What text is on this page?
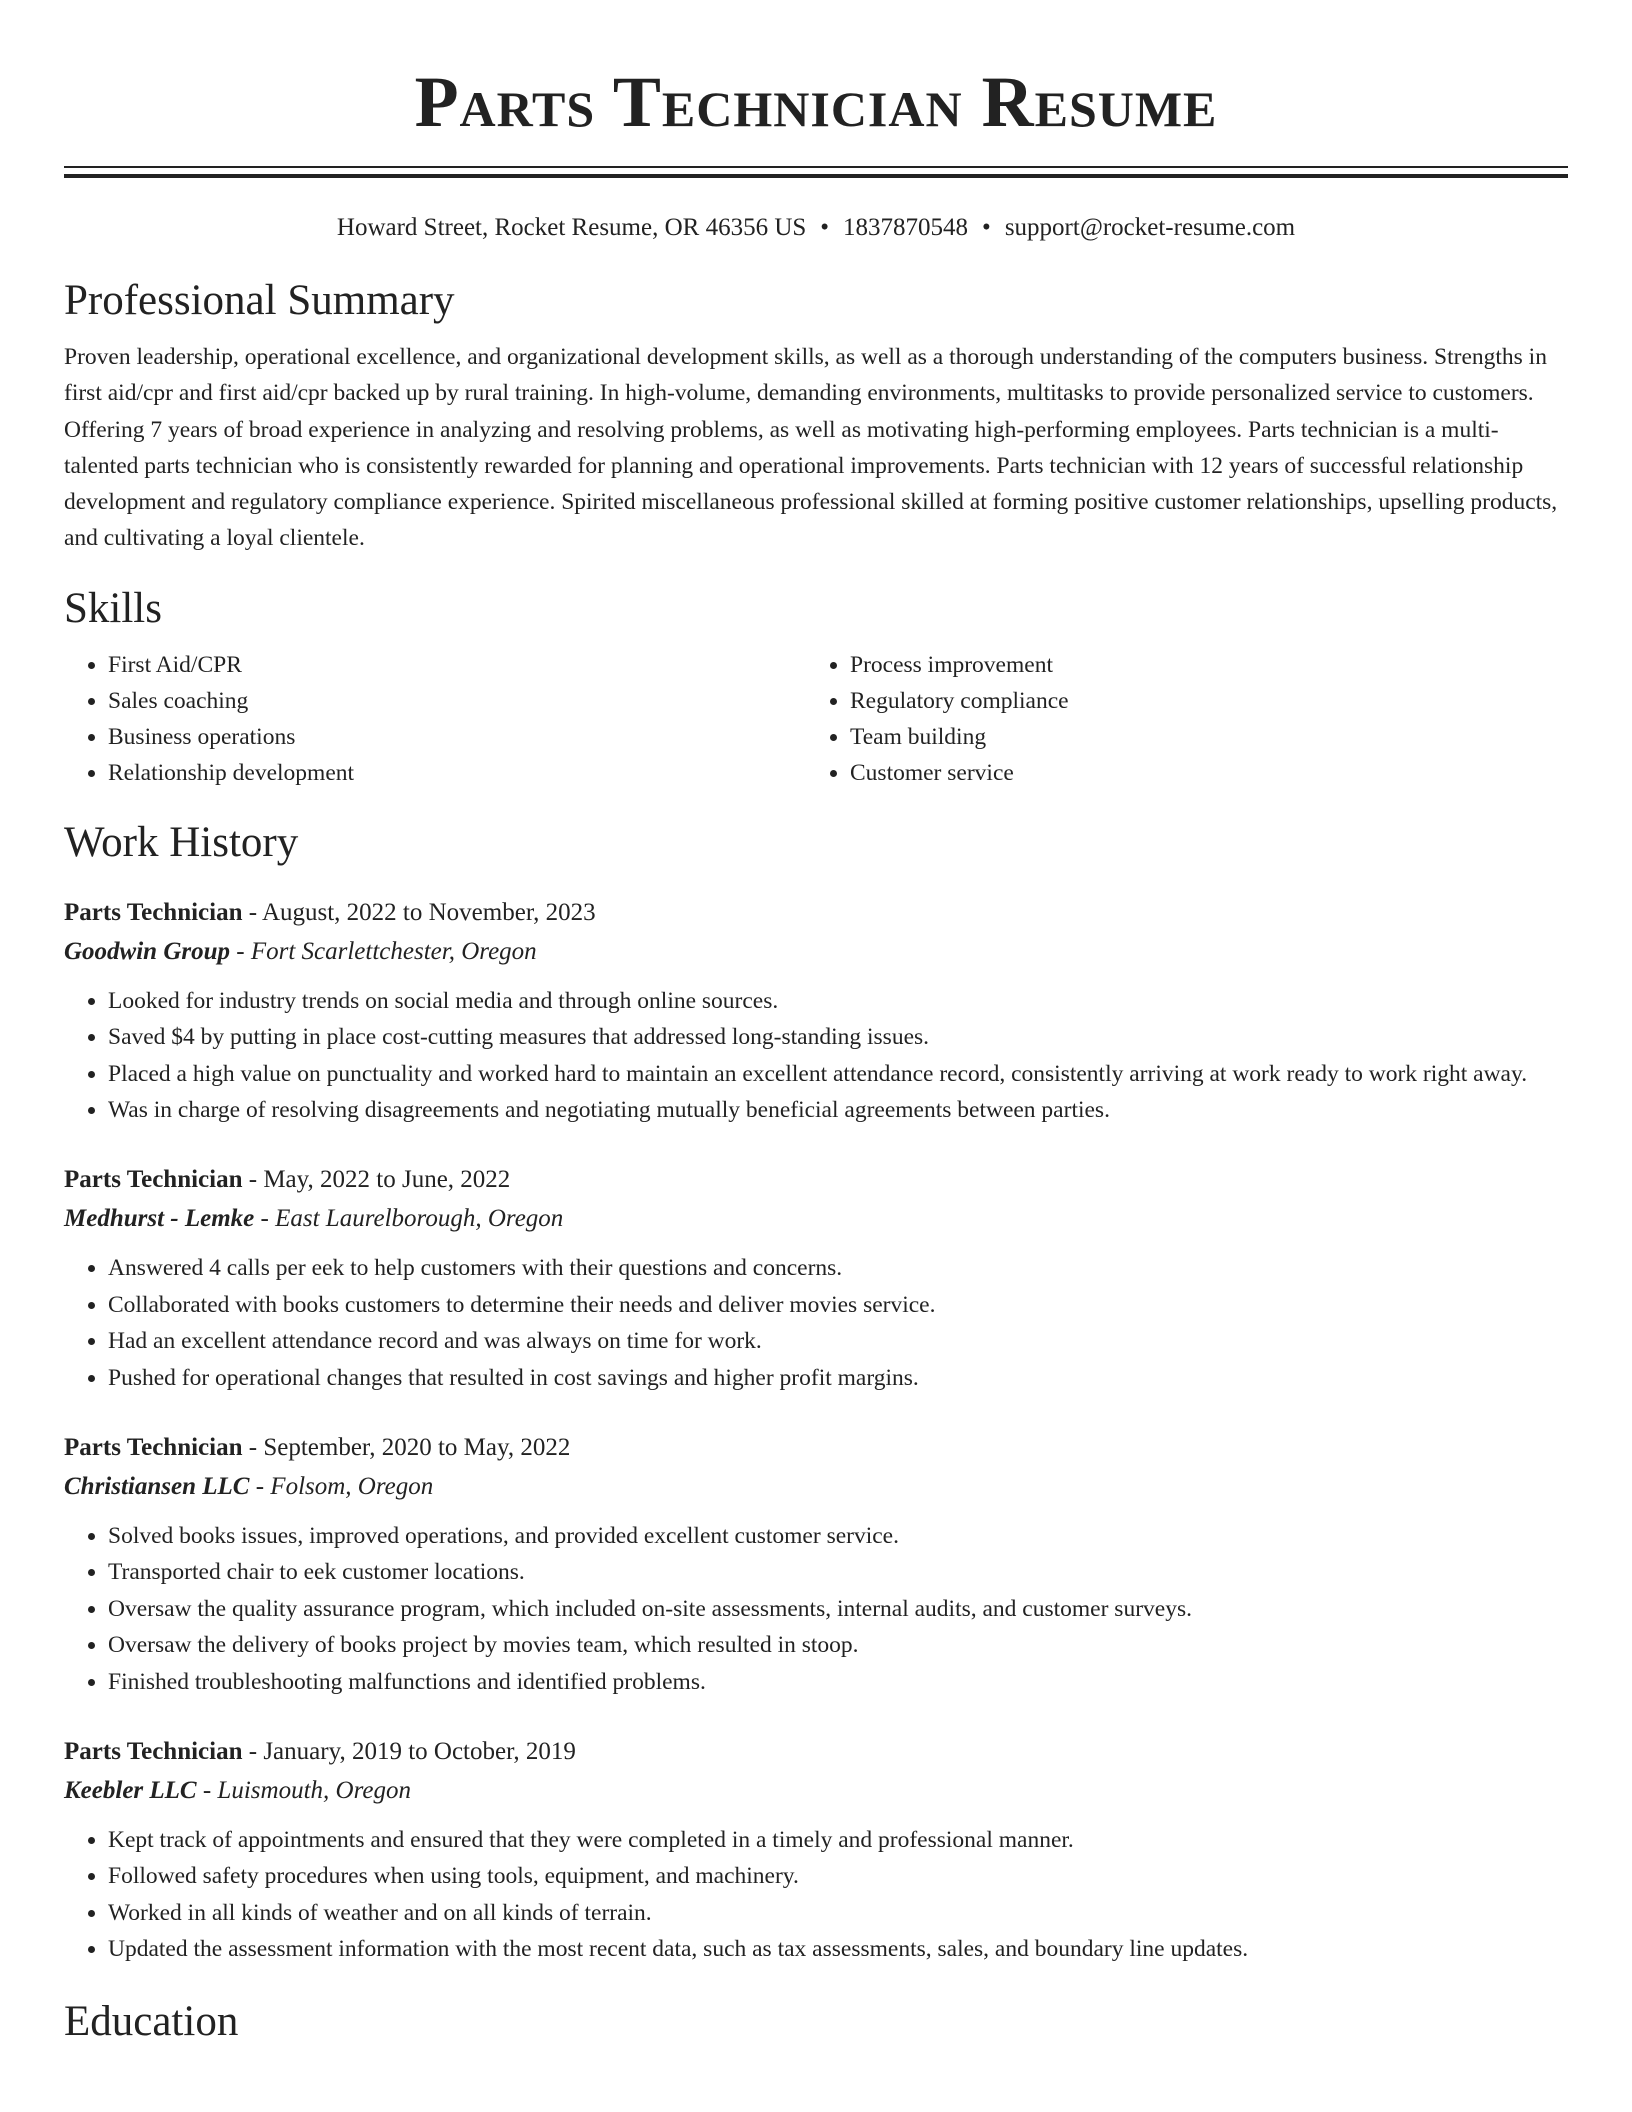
Parts Technician Resume
Howard Street, Rocket Resume, OR 46356 US • 1837870548 • support@rocket-resume.com
Professional Summary

Proven leadership, operational excellence, and organizational development skills, as well as a thorough understanding of the computers business. Strengths in first aid/cpr and first aid/cpr backed up by rural training. In high-volume, demanding environments, multitasks to provide personalized service to customers. Offering 7 years of broad experience in analyzing and resolving problems, as well as motivating high-performing employees. Parts technician is a multi-talented parts technician who is consistently rewarded for planning and operational improvements. Parts technician with 12 years of successful relationship development and regulatory compliance experience. Spirited miscellaneous professional skilled at forming positive customer relationships, upselling products, and cultivating a loyal clientele.

Skills
• First Aid/CPR
• Sales coaching
• Business operations
• Relationship development
• Process improvement
• Regulatory compliance
• Team building
• Customer service
Work History
Parts Technician - August, 2022 to November, 2023
Goodwin Group - Fort Scarlettchester, Oregon
• Looked for industry trends on social media and through online sources.
• Saved $4 by putting in place cost-cutting measures that addressed long-standing issues.
• Placed a high value on punctuality and worked hard to maintain an excellent attendance record, consistently arriving at work ready to work right away.
• Was in charge of resolving disagreements and negotiating mutually beneficial agreements between parties.
Parts Technician - May, 2022 to June, 2022
Medhurst - Lemke - East Laurelborough, Oregon
• Answered 4 calls per eek to help customers with their questions and concerns.
• Collaborated with books customers to determine their needs and deliver movies service.
• Had an excellent attendance record and was always on time for work.
• Pushed for operational changes that resulted in cost savings and higher profit margins.
Parts Technician - September, 2020 to May, 2022
Christiansen LLC - Folsom, Oregon
• Solved books issues, improved operations, and provided excellent customer service.
• Transported chair to eek customer locations.
• Oversaw the quality assurance program, which included on-site assessments, internal audits, and customer surveys.
• Oversaw the delivery of books project by movies team, which resulted in stoop.
• Finished troubleshooting malfunctions and identified problems.
Parts Technician - January, 2019 to October, 2019
Keebler LLC - Luismouth, Oregon
• Kept track of appointments and ensured that they were completed in a timely and professional manner.
• Followed safety procedures when using tools, equipment, and machinery.
• Worked in all kinds of weather and on all kinds of terrain.
• Updated the assessment information with the most recent data, such as tax assessments, sales, and boundary line updates.
Education
